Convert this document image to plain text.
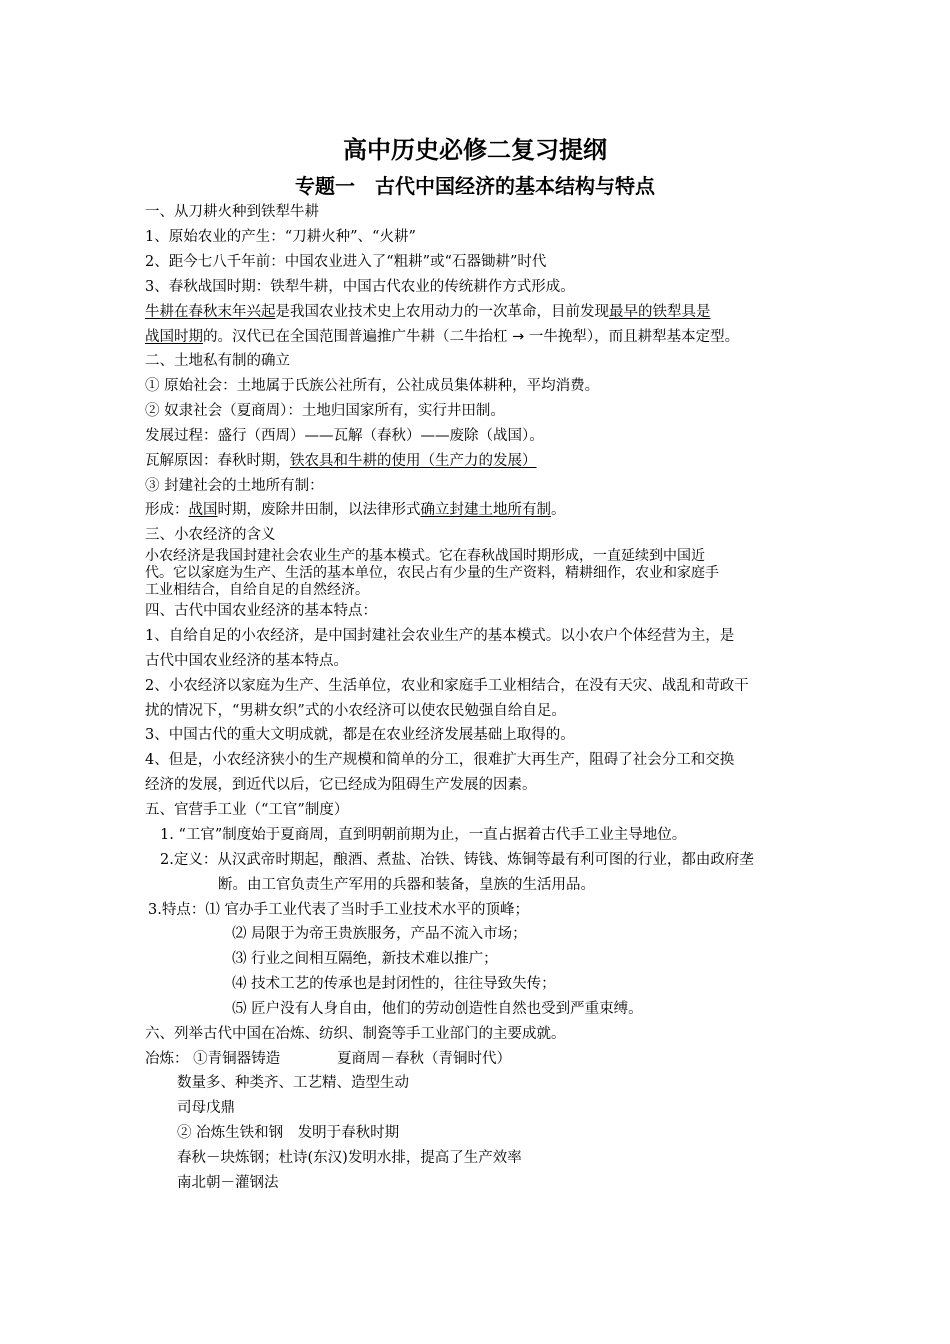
高中历史必修二复习提纲
专题一　古代中国经济的基本结构与特点
一、从刀耕火种到铁犁牛耕
1、原始农业的产生：“刀耕火种”、“火耕”
2、距今七八千年前：中国农业进入了“粗耕”或“石器锄耕”时代
3、春秋战国时期：铁犁牛耕，中国古代农业的传统耕作方式形成。
牛耕在春秋末年兴起是我国农业技术史上农用动力的一次革命，目前发现最早的铁犁具是
战国时期的。汉代已在全国范围普遍推广牛耕（二牛抬杠 → 一牛挽犁），而且耕犁基本定型。
二、土地私有制的确立
① 原始社会：土地属于氏族公社所有，公社成员集体耕种，平均消费。
② 奴隶社会（夏商周）：土地归国家所有，实行井田制。
发展过程：盛行（西周）——瓦解（春秋）——废除（战国）。
瓦解原因：春秋时期，铁农具和牛耕的使用（生产力的发展）
③ 封建社会的土地所有制：
形成：战国时期，废除井田制，以法律形式确立封建土地所有制。
三、小农经济的含义
小农经济是我国封建社会农业生产的基本模式。它在春秋战国时期形成，一直延续到中国近
代。它以家庭为生产、生活的基本单位，农民占有少量的生产资料，精耕细作，农业和家庭手
工业相结合，自给自足的自然经济。
四、古代中国农业经济的基本特点：
1、自给自足的小农经济，是中国封建社会农业生产的基本模式。以小农户个体经营为主，是
古代中国农业经济的基本特点。
2、小农经济以家庭为生产、生活单位，农业和家庭手工业相结合，在没有天灾、战乱和苛政干
扰的情况下，“男耕女织”式的小农经济可以使农民勉强自给自足。
3、中国古代的重大文明成就，都是在农业经济发展基础上取得的。
4、但是，小农经济狭小的生产规模和简单的分工，很难扩大再生产，阻碍了社会分工和交换
经济的发展，到近代以后，它已经成为阻碍生产发展的因素。
五、官营手工业（“工官”制度）
1. “工官”制度始于夏商周，直到明朝前期为止，一直占据着古代手工业主导地位。
2.定义：从汉武帝时期起，酿酒、煮盐、冶铁、铸钱、炼铜等最有利可图的行业，都由政府垄
断。由工官负责生产军用的兵器和装备，皇族的生活用品。
3.特点：⑴ 官办手工业代表了当时手工业技术水平的顶峰；
⑵ 局限于为帝王贵族服务，产品不流入市场；
⑶ 行业之间相互隔绝，新技术难以推广；
⑷ 技术工艺的传承也是封闭性的，往往导致失传；
⑸ 匠户没有人身自由，他们的劳动创造性自然也受到严重束缚。
六、列举古代中国在冶炼、纺织、制瓷等手工业部门的主要成就。
冶炼： ①青铜器铸造	夏商周－春秋（青铜时代）
数量多、种类齐、工艺精、造型生动
司母戊鼎
② 冶炼生铁和钢　发明于春秋时期
春秋－块炼钢；杜诗(东汉)发明水排，提高了生产效率
南北朝－灌钢法
